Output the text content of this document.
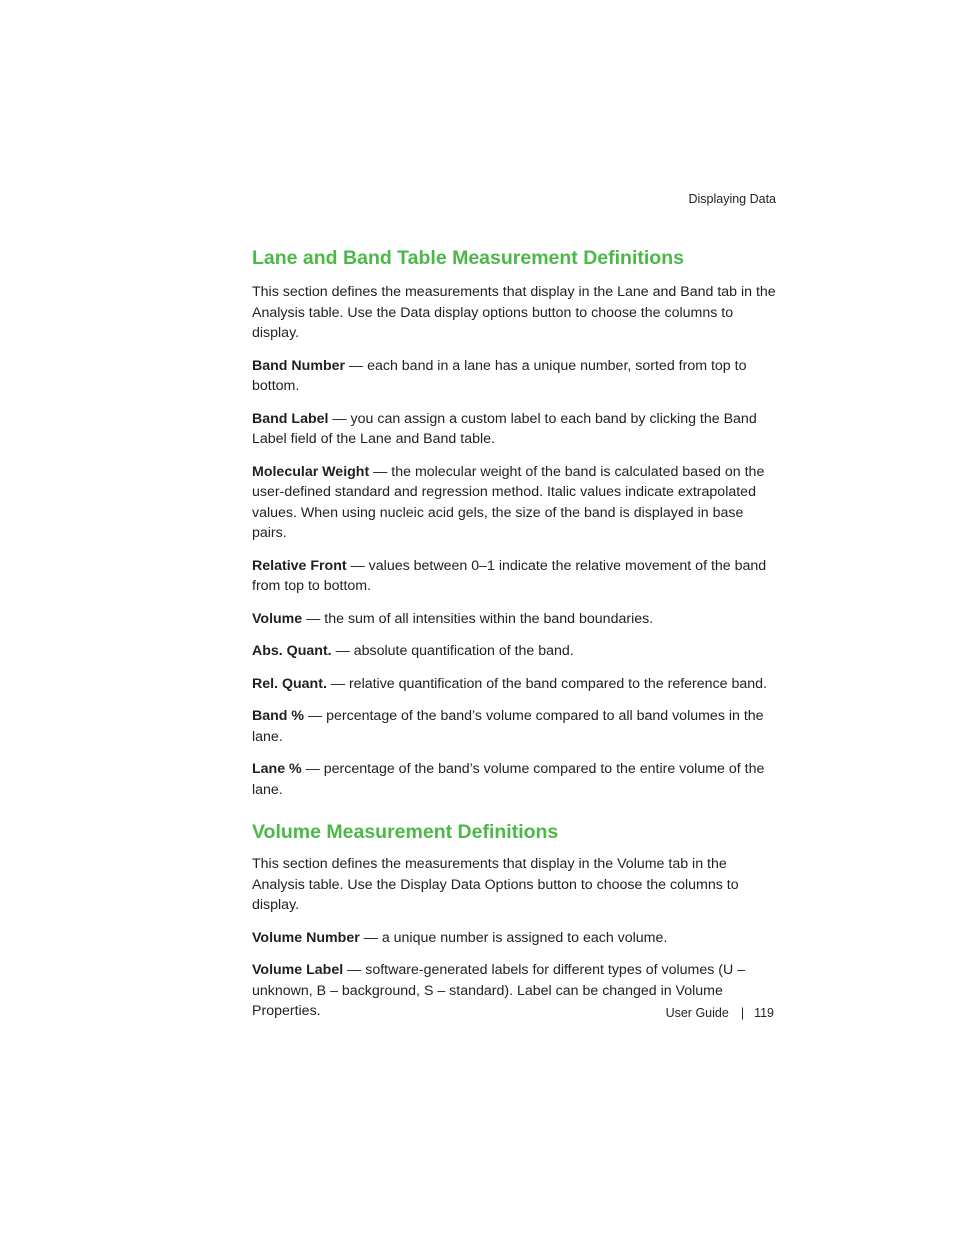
Displaying Data
Lane and Band Table Measurement Definitions

This section defines the measurements that display in the Lane and Band tab in the Analysis table. Use the Data display options button to choose the columns to display.

Band Number — each band in a lane has a unique number, sorted from top to bottom.

Band Label — you can assign a custom label to each band by clicking the Band Label field of the Lane and Band table.

Molecular Weight — the molecular weight of the band is calculated based on the user-defined standard and regression method. Italic values indicate extrapolated values. When using nucleic acid gels, the size of the band is displayed in base pairs.

Relative Front — values between 0–1 indicate the relative movement of the band from top to bottom.

Volume — the sum of all intensities within the band boundaries.

Abs. Quant. — absolute quantification of the band.

Rel. Quant. — relative quantification of the band compared to the reference band.

Band % — percentage of the band’s volume compared to all band volumes in the lane.

Lane % — percentage of the band’s volume compared to the entire volume of the lane.

Volume Measurement Definitions

This section defines the measurements that display in the Volume tab in the Analysis table. Use the Display Data Options button to choose the columns to display.

Volume Number — a unique number is assigned to each volume.

Volume Label — software-generated labels for different types of volumes (U – unknown, B – background, S – standard). Label can be changed in Volume Properties.	User Guide | 119
